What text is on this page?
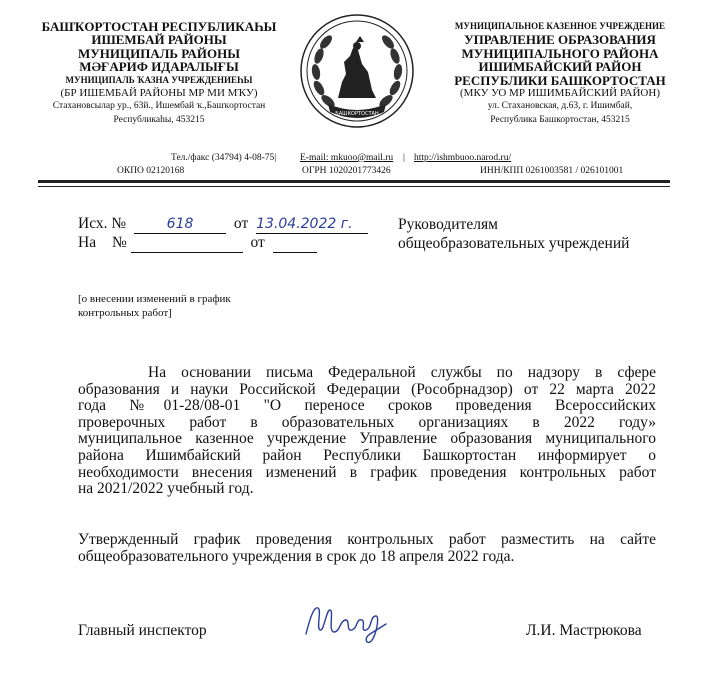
БАШҠОРТОСТАН РЕСПУБЛИКАҺЫ
ИШЕМБАЙ РАЙОНЫ
МУНИЦИПАЛЬ РАЙОНЫ
МӘҒАРИФ ИДАРАЛЫҒЫ
МУНИЦИПАЛЬ ҠАЗНА УЧРЕЖДЕНИЕҺЫ
(БР ИШЕМБАЙ РАЙОНЫ МР МИ МҠУ)
Стахановсылар ур., 63й., Ишембай ҡ.,Башҡортостан
Республикаһы, 453215
БАШКОРТОСТАН
МУНИЦИПАЛЬНОЕ КАЗЕННОЕ УЧРЕЖДЕНИЕ
УПРАВЛЕНИЕ ОБРАЗОВАНИЯ
МУНИЦИПАЛЬНОГО РАЙОНА
ИШИМБАЙСКИЙ РАЙОН
РЕСПУБЛИКИ БАШКОРТОСТАН
(МКУ УО МР ИШИМБАЙСКИЙ РАЙОН)
ул. Стахановская, д.63, г. Ишимбай,
Республика Башкортостан, 453215
Тел./факс (34794) 4-08-75|	E-mail: mkuoo@mail.ru | http://ishmbuoo.narod.ru/
ОКПО 02120168	ОГРН 1020201773426	ИНН/КПП 0261003581 / 026101001
Исх. №	618	от 13.04.2022 г.
На №	от
Руководителям
общеобразовательных учреждений
[о внесении изменений в график
контрольных работ]
На основании письма Федеральной службы по надзору в сфере
образования и науки Российской Федерации (Рособрнадзор) от 22 марта 2022
года №01-28/08-01 "О переносе сроков проведения Всероссийских
проверочных работ в образовательных организациях в 2022 году»
муниципальное казенное учреждение Управление образования муниципального
района Ишимбайский район Республики Башкортостан информирует о
необходимости внесения изменений в график проведения контрольных работ
на 2021/2022 учебный год.
Утвержденный график проведения контрольных работ разместить на сайте
общеобразовательного учреждения в срок до 18 апреля 2022 года.
Главный инспектор	Л.И. Мастрюкова
